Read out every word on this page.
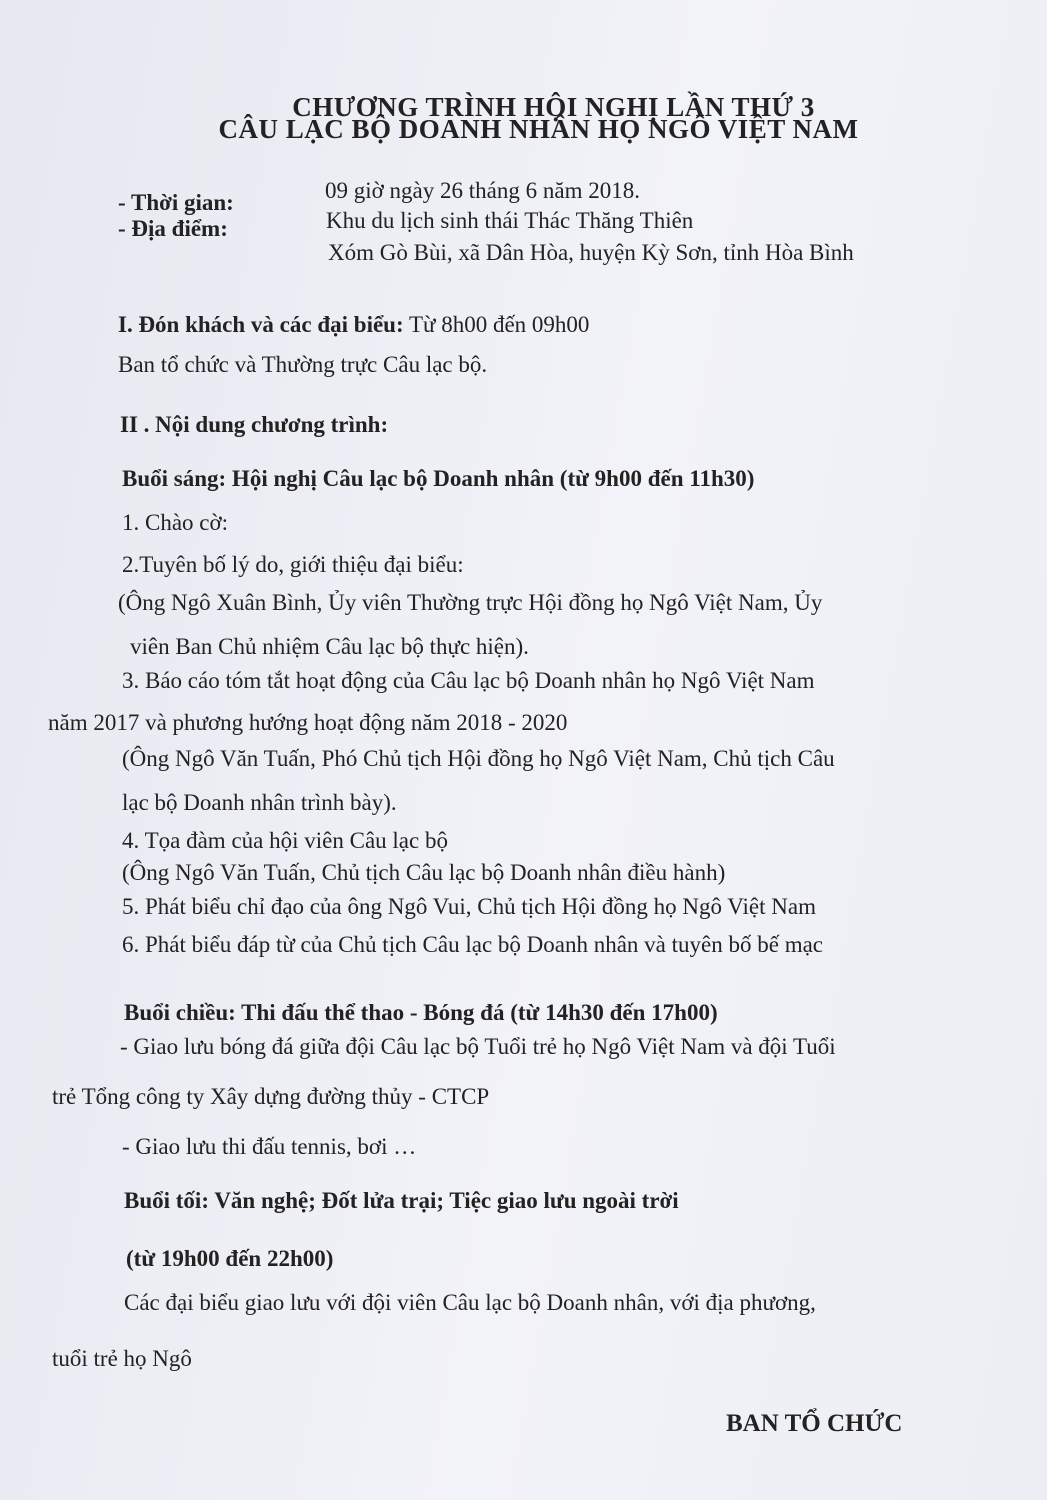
CHƯƠNG TRÌNH HỘI NGHỊ LẦN THỨ 3
CÂU LẠC BỘ DOANH NHÂN HỌ NGÔ VIỆT NAM
- Thời gian:	09 giờ ngày 26 tháng 6 năm 2018.
- Địa điểm:	Khu du lịch sinh thái Thác Thăng Thiên
Xóm Gò Bùi, xã Dân Hòa, huyện Kỳ Sơn, tỉnh Hòa Bình
I. Đón khách và các đại biểu: Từ 8h00 đến 09h00
Ban tổ chức và Thường trực Câu lạc bộ.
II . Nội dung chương trình:
Buổi sáng: Hội nghị Câu lạc bộ Doanh nhân (từ 9h00 đến 11h30)
1. Chào cờ:
2.Tuyên bố lý do, giới thiệu đại biểu:
(Ông Ngô Xuân Bình, Ủy viên Thường trực Hội đồng họ Ngô Việt Nam, Ủy
viên Ban Chủ nhiệm Câu lạc bộ thực hiện).
3. Báo cáo tóm tắt hoạt động của Câu lạc bộ Doanh nhân họ Ngô Việt Nam
năm 2017 và phương hướng hoạt động năm 2018 - 2020
(Ông Ngô Văn Tuấn, Phó Chủ tịch Hội đồng họ Ngô Việt Nam, Chủ tịch Câu
lạc bộ Doanh nhân trình bày).
4. Tọa đàm của hội viên Câu lạc bộ
(Ông Ngô Văn Tuấn, Chủ tịch Câu lạc bộ Doanh nhân điều hành)
5. Phát biểu chỉ đạo của ông Ngô Vui, Chủ tịch Hội đồng họ Ngô Việt Nam
6. Phát biểu đáp từ của Chủ tịch Câu lạc bộ Doanh nhân và tuyên bố bế mạc
Buổi chiều: Thi đấu thể thao - Bóng đá (từ 14h30 đến 17h00)
- Giao lưu bóng đá giữa đội Câu lạc bộ Tuổi trẻ họ Ngô Việt Nam và đội Tuổi
trẻ Tổng công ty Xây dựng đường thủy - CTCP
- Giao lưu thi đấu tennis, bơi …
Buổi tối: Văn nghệ; Đốt lửa trại; Tiệc giao lưu ngoài trời
(từ 19h00 đến 22h00)
Các đại biểu giao lưu với đội viên Câu lạc bộ Doanh nhân, với địa phương,
tuổi trẻ họ Ngô
BAN TỔ CHỨC
